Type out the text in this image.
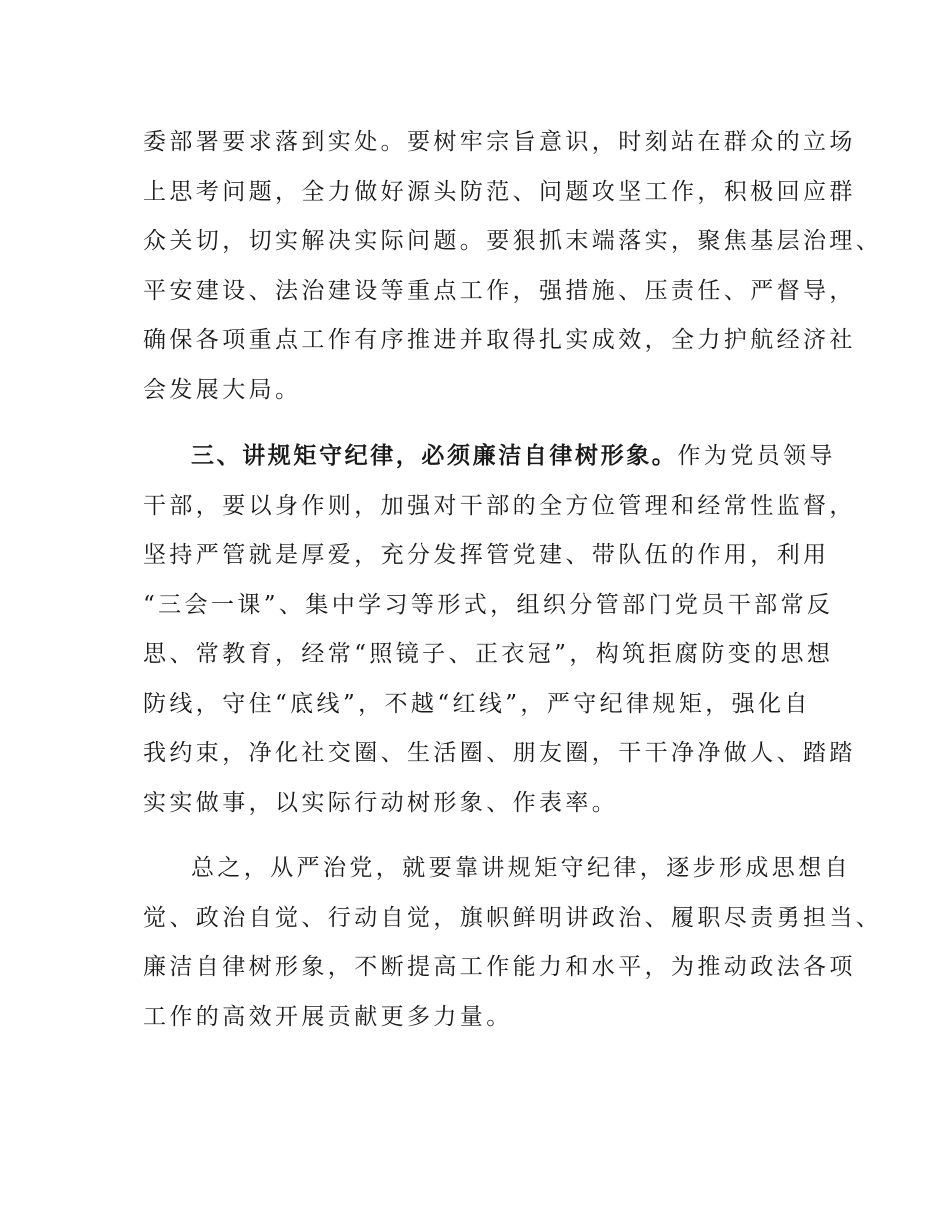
委部署要求落到实处。要树牢宗旨意识，时刻站在群众的立场
上思考问题，全力做好源头防范、问题攻坚工作，积极回应群
众关切，切实解决实际问题。要狠抓末端落实，聚焦基层治理、
平安建设、法治建设等重点工作，强措施、压责任、严督导，
确保各项重点工作有序推进并取得扎实成效，全力护航经济社
会发展大局。
三、讲规矩守纪律，必须廉洁自律树形象。作为党员领导
干部，要以身作则，加强对干部的全方位管理和经常性监督，
坚持严管就是厚爱，充分发挥管党建、带队伍的作用，利用
“三会一课”、集中学习等形式，组织分管部门党员干部常反
思、常教育，经常“照镜子、正衣冠”，构筑拒腐防变的思想
防线，守住“底线”，不越“红线”，严守纪律规矩，强化自
我约束，净化社交圈、生活圈、朋友圈，干干净净做人、踏踏
实实做事，以实际行动树形象、作表率。
总之，从严治党，就要靠讲规矩守纪律，逐步形成思想自
觉、政治自觉、行动自觉，旗帜鲜明讲政治、履职尽责勇担当、
廉洁自律树形象，不断提高工作能力和水平，为推动政法各项
工作的高效开展贡献更多力量。
